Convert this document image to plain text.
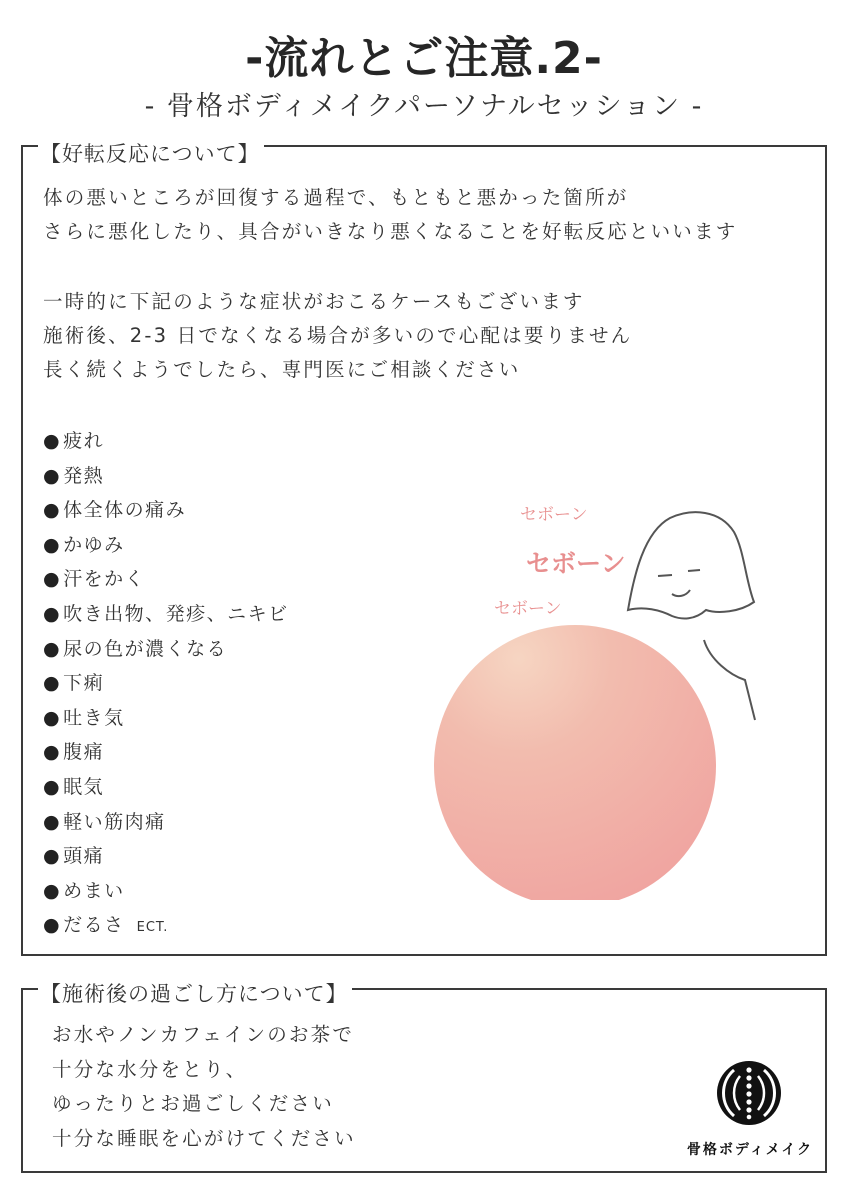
-流れとご注意.2-
- 骨格ボディメイクパーソナルセッション -
【好転反応について】
体の悪いところが回復する過程で、もともと悪かった箇所が
さらに悪化したり、具合がいきなり悪くなることを好転反応といいます
一時的に下記のような症状がおこるケースもございます
施術後、2-3 日でなくなる場合が多いので心配は要りません
長く続くようでしたら、専門医にご相談ください
● 疲れ
● 発熱
● 体全体の痛み
● かゆみ
● 汗をかく
● 吹き出物、発疹、ニキビ
● 尿の色が濃くなる
● 下痢
● 吐き気
● 腹痛
● 眠気
● 軽い筋肉痛
● 頭痛
● めまい
● だるさ ECT.
セボーン
セボーン
セボーン
【施術後の過ごし方について】
お水やノンカフェインのお茶で
十分な水分をとり、
ゆったりとお過ごしください
十分な睡眠を心がけてください
骨格ボディメイク
